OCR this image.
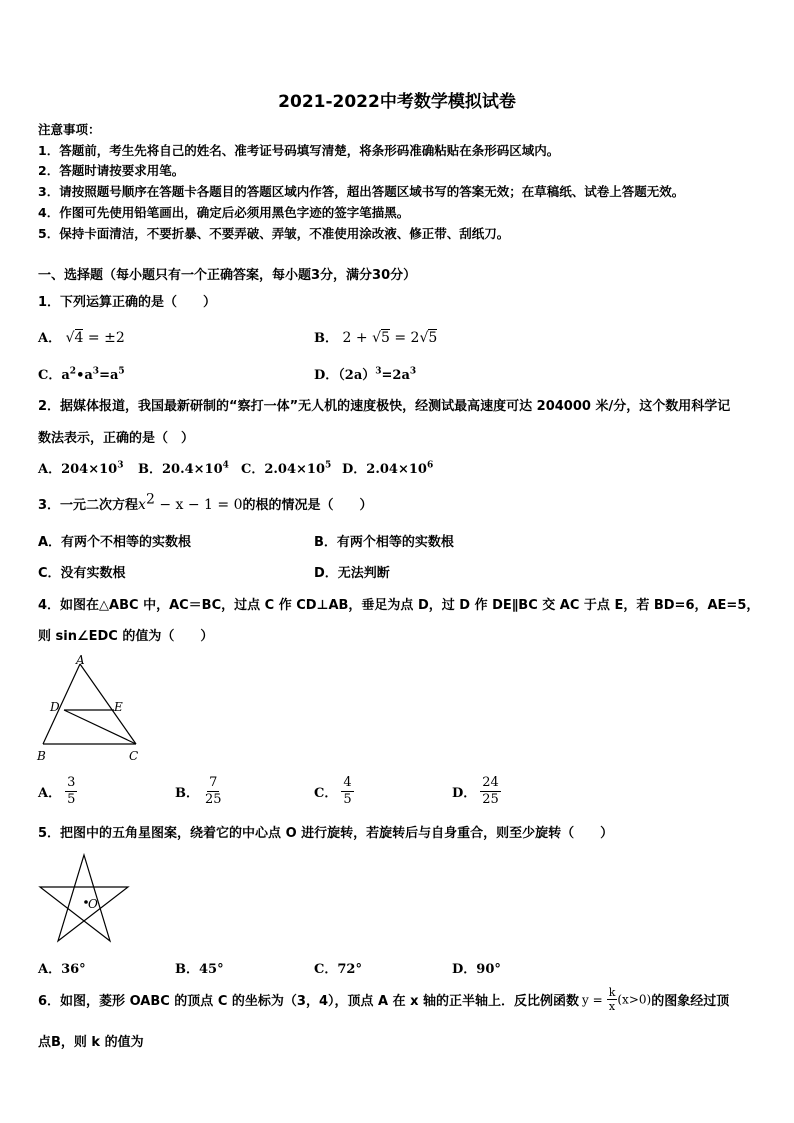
2021-2022中考数学模拟试卷
注意事项：
1．答题前，考生先将自己的姓名、准考证号码填写清楚，将条形码准确粘贴在条形码区域内。
2．答题时请按要求用笔。
3．请按照题号顺序在答题卡各题目的答题区域内作答，超出答题区域书写的答案无效；在草稿纸、试卷上答题无效。
4．作图可先使用铅笔画出，确定后必须用黑色字迹的签字笔描黑。
5．保持卡面清洁，不要折暴、不要弄破、弄皱，不准使用涂改液、修正带、刮纸刀。
一、选择题（每小题只有一个正确答案，每小题3分，满分30分）
1．下列运算正确的是（　　）
A． √4 = ±2	B． 2 + √5 = 2√5
C．$a^2•a^3=a^5$	D．$(2a)^3=2a^3$
2．据媒体报道，我国最新研制的“察打一体”无人机的速度极快，经测试最高速度可达 204000 米/分，这个数用科学记
数法表示，正确的是（　）
A．$204\times 10^3$ B．$20.4\times 10^4$ C．$2.04\times 10^5$ D．$2.04\times 10^6$
3．一元二次方程$x^2 - x - 1 = 0$的根的情况是（　　）
A．有两个不相等的实数根	B．有两个相等的实数根
C．没有实数根	D．无法判断
4．如图在△ABC 中，AC＝BC，过点 C 作 CD⊥AB，垂足为点 D，过 D 作 DE∥BC 交 AC 于点 E，若 BD=6，AE=5，
则 sin∠EDC 的值为（　　）
A
D	E
B	C
A． $\frac{3}{5}$	B． $\frac{7}{25}$	C． $\frac{4}{5}$	D． $\frac{24}{25}$
5．把图中的五角星图案，绕着它的中心点 O 进行旋转，若旋转后与自身重合，则至少旋转（　　）
O
A．36°	B．45°	C．72°	D．90°
6．如图，菱形 OABC 的顶点 C 的坐标为（3，4），顶点 A 在 x 轴的正半轴上．反比例函数 $y = \frac{k}{x} (x>0)$的图象经过顶
点B，则 k 的值为
